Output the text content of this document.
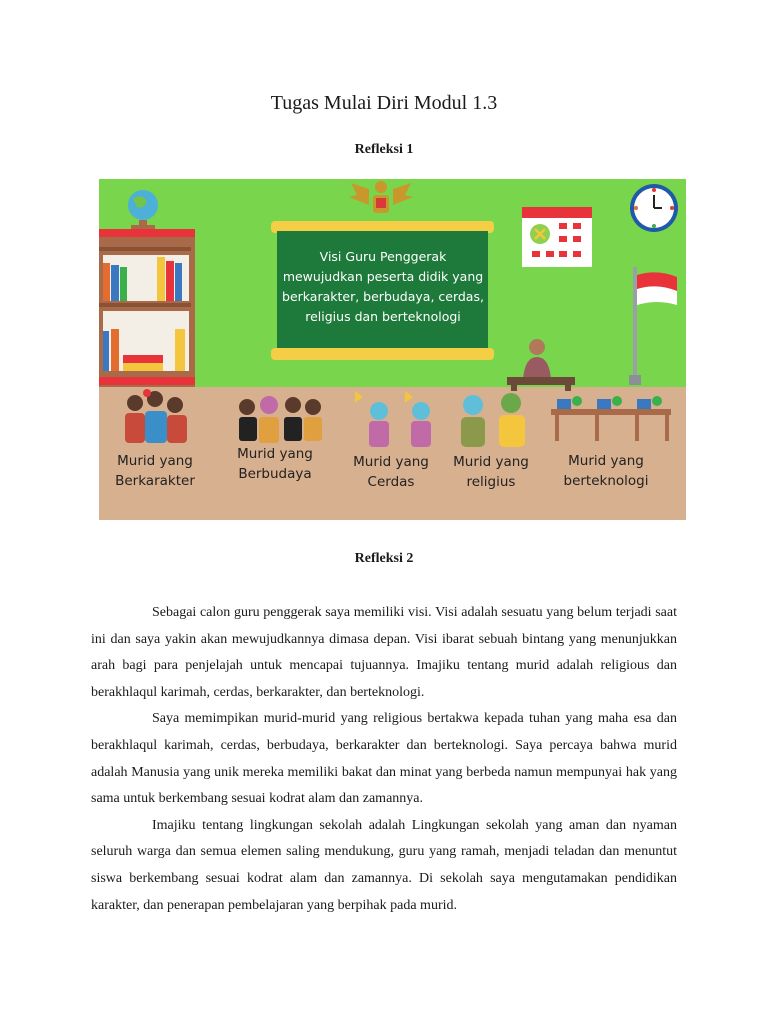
Tugas Mulai Diri Modul 1.3
Refleksi 1
Visi Guru Penggerak
mewujudkan peserta didik yang
berkarakter, berbudaya, cerdas,
religius dan berteknologi
Murid yang
Berkarakter
Murid yang
Berbudaya
Murid yang
Cerdas
Murid yang
religius
Murid yang
berteknologi
Refleksi 2

Sebagai calon guru penggerak saya memiliki visi. Visi adalah sesuatu yang belum terjadi saat ini dan saya yakin akan mewujudkannya dimasa depan. Visi ibarat sebuah bintang yang menunjukkan arah bagi para penjelajah untuk mencapai tujuannya. Imajiku tentang murid adalah religious dan berakhlaqul karimah, cerdas, berkarakter, dan berteknologi.

Saya memimpikan murid-murid yang religious bertakwa kepada tuhan yang maha esa dan berakhlaqul karimah, cerdas, berbudaya, berkarakter dan berteknologi. Saya percaya bahwa murid adalah Manusia yang unik mereka memiliki bakat dan minat yang berbeda namun mempunyai hak yang sama untuk berkembang sesuai kodrat alam dan zamannya.

Imajiku tentang lingkungan sekolah adalah Lingkungan sekolah yang aman dan nyaman seluruh warga dan semua elemen saling mendukung, guru yang ramah, menjadi teladan dan menuntut siswa berkembang sesuai kodrat alam dan zamannya. Di sekolah saya mengutamakan pendidikan karakter, dan penerapan pembelajaran yang berpihak pada murid.
